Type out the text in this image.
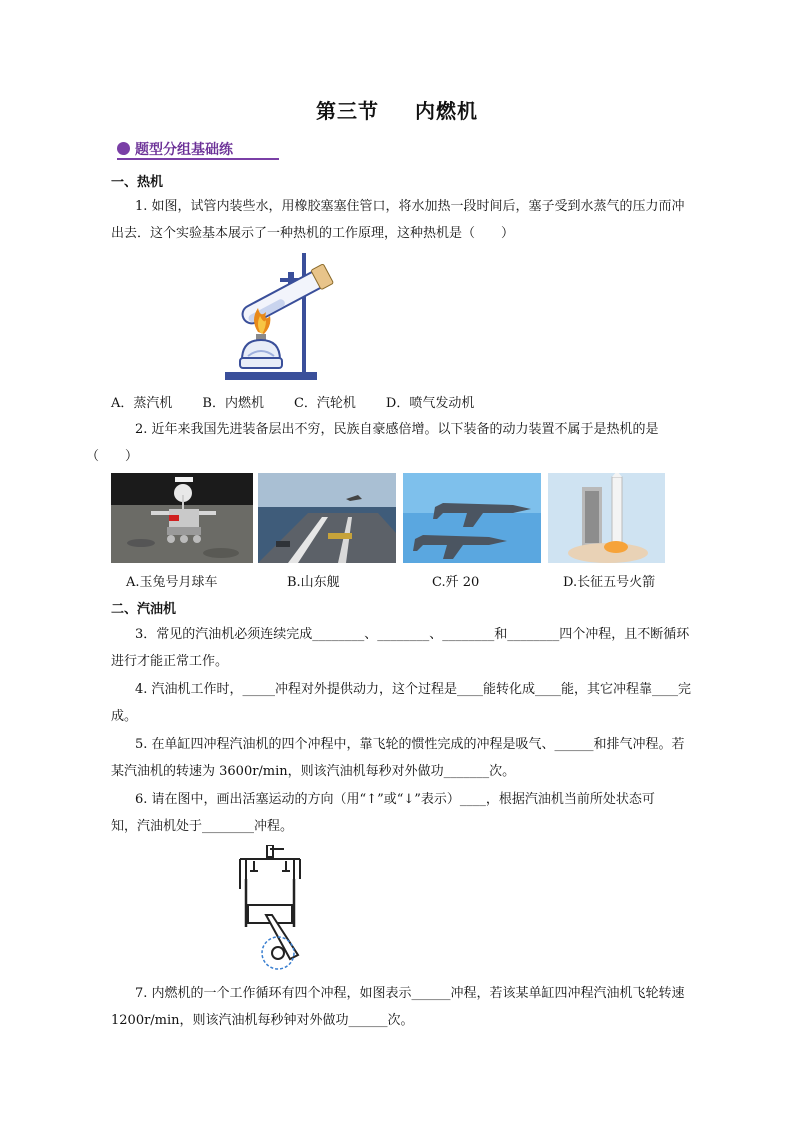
第三节 内燃机
题型分组基础练
一、热机
1. 如图，试管内装些水，用橡胶塞塞住管口，将水加热一段时间后，塞子受到水蒸气的压力而冲
出去．这个实验基本展示了一种热机的工作原理，这种热机是（　　）
A．蒸汽机 B．内燃机 C．汽轮机 D．喷气发动机
2. 近年来我国先进装备层出不穷，民族自豪感倍增。以下装备的动力装置不属于是热机的是
（　　）
A.玉兔号月球车	B.山东舰	C.歼 20	D.长征五号火箭
二、汽油机
3．常见的汽油机必须连续完成________、________、________和________四个冲程，且不断循环
进行才能正常工作。
4. 汽油机工作时，_____冲程对外提供动力，这个过程是____能转化成____能，其它冲程靠____完
成。
5. 在单缸四冲程汽油机的四个冲程中，靠飞轮的惯性完成的冲程是吸气、______和排气冲程。若
某汽油机的转速为 3600r/min，则该汽油机每秒对外做功_______次。
6. 请在图中，画出活塞运动的方向（用“↑”或“↓”表示）____，根据汽油机当前所处状态可
知，汽油机处于________冲程。
7. 内燃机的一个工作循环有四个冲程，如图表示______冲程，若该某单缸四冲程汽油机飞轮转速
1200r/min，则该汽油机每秒钟对外做功______次。
